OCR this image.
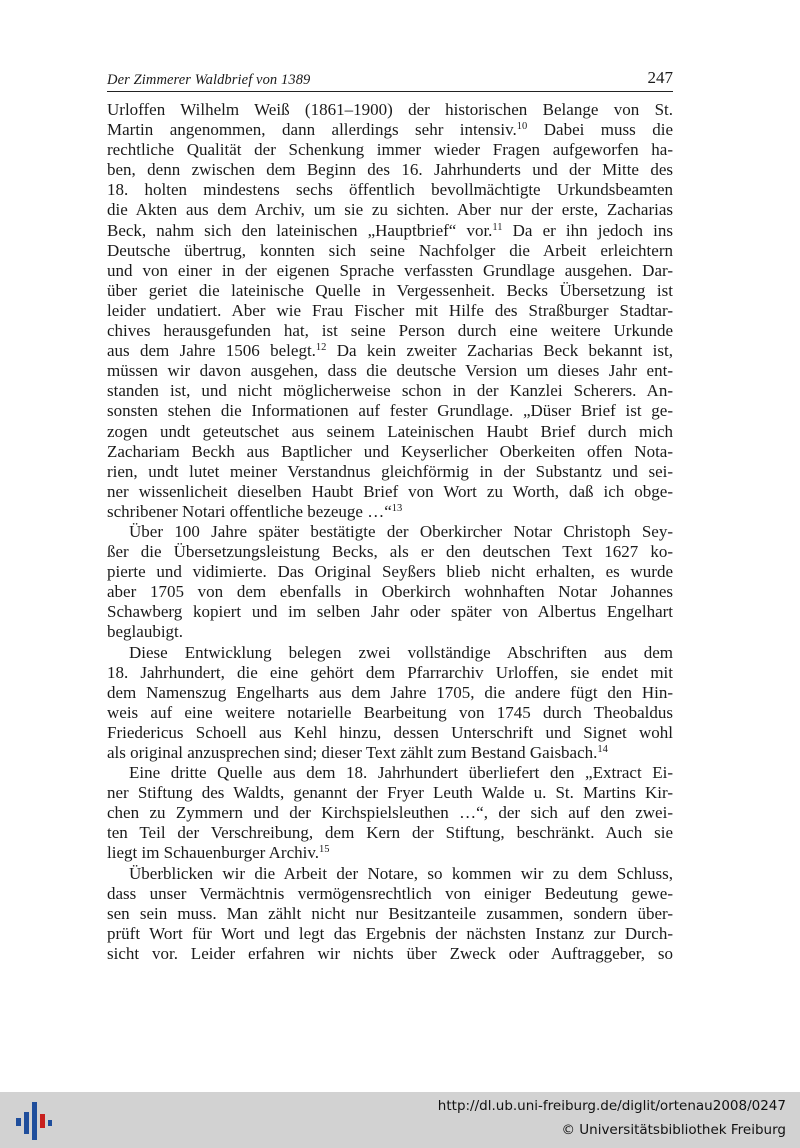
Der Zimmerer Waldbrief von 1389	247
Urloffen Wilhelm Weiß (1861–1900) der historischen Belange von St.
Martin angenommen, dann allerdings sehr intensiv.$^{10}$ Dabei muss die
rechtliche Qualität der Schenkung immer wieder Fragen aufgeworfen ha-
ben, denn zwischen dem Beginn des 16. Jahrhunderts und der Mitte des
18. holten mindestens sechs öffentlich bevollmächtigte Urkundsbeamten
die Akten aus dem Archiv, um sie zu sichten. Aber nur der erste, Zacharias
Beck, nahm sich den lateinischen „Hauptbrief“ vor.$^{11}$ Da er ihn jedoch ins
Deutsche übertrug, konnten sich seine Nachfolger die Arbeit erleichtern
und von einer in der eigenen Sprache verfassten Grundlage ausgehen. Dar-
über geriet die lateinische Quelle in Vergessenheit. Becks Übersetzung ist
leider undatiert. Aber wie Frau Fischer mit Hilfe des Straßburger Stadtar-
chives herausgefunden hat, ist seine Person durch eine weitere Urkunde
aus dem Jahre 1506 belegt.$^{12}$ Da kein zweiter Zacharias Beck bekannt ist,
müssen wir davon ausgehen, dass die deutsche Version um dieses Jahr ent-
standen ist, und nicht möglicherweise schon in der Kanzlei Scherers. An-
sonsten stehen die Informationen auf fester Grundlage. „Düser Brief ist ge-
zogen undt geteutschet aus seinem Lateinischen Haubt Brief durch mich
Zachariam Beckh aus Baptlicher und Keyserlicher Oberkeiten offen Nota-
rien, undt lutet meiner Verstandnus gleichförmig in der Substantz und sei-
ner wissenlicheit dieselben Haubt Brief von Wort zu Worth, daß ich obge-
schribener Notari offentliche bezeuge …“$^{13}$
Über 100 Jahre später bestätigte der Oberkircher Notar Christoph Sey-
ßer die Übersetzungsleistung Becks, als er den deutschen Text 1627 ko-
pierte und vidimierte. Das Original Seyßers blieb nicht erhalten, es wurde
aber 1705 von dem ebenfalls in Oberkirch wohnhaften Notar Johannes
Schawberg kopiert und im selben Jahr oder später von Albertus Engelhart
beglaubigt.
Diese Entwicklung belegen zwei vollständige Abschriften aus dem
18. Jahrhundert, die eine gehört dem Pfarrarchiv Urloffen, sie endet mit
dem Namenszug Engelharts aus dem Jahre 1705, die andere fügt den Hin-
weis auf eine weitere notarielle Bearbeitung von 1745 durch Theobaldus
Friedericus Schoell aus Kehl hinzu, dessen Unterschrift und Signet wohl
als original anzusprechen sind; dieser Text zählt zum Bestand Gaisbach.$^{14}$
Eine dritte Quelle aus dem 18. Jahrhundert überliefert den „Extract Ei-
ner Stiftung des Waldts, genannt der Fryer Leuth Walde u. St. Martins Kir-
chen zu Zymmern und der Kirchspielsleuthen …“, der sich auf den zwei-
ten Teil der Verschreibung, dem Kern der Stiftung, beschränkt. Auch sie
liegt im Schauenburger Archiv.$^{15}$
Überblicken wir die Arbeit der Notare, so kommen wir zu dem Schluss,
dass unser Vermächtnis vermögensrechtlich von einiger Bedeutung gewe-
sen sein muss. Man zählt nicht nur Besitzanteile zusammen, sondern über-
prüft Wort für Wort und legt das Ergebnis der nächsten Instanz zur Durch-
sicht vor. Leider erfahren wir nichts über Zweck oder Auftraggeber, so
http://dl.ub.uni-freiburg.de/diglit/ortenau2008/0247
© Universitätsbibliothek Freiburg
